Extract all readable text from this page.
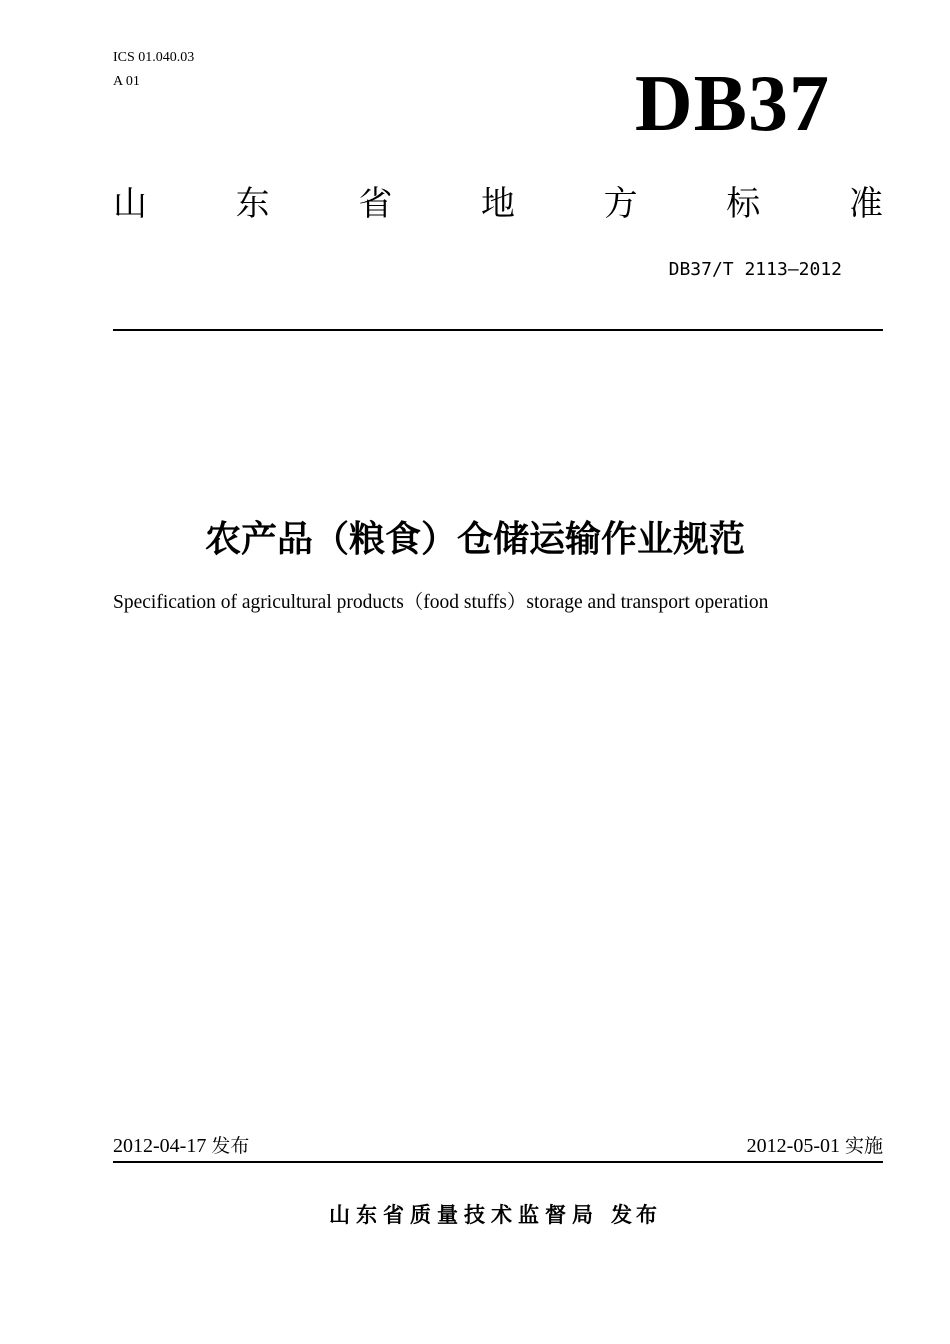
ICS 01.040.03
A 01	DB37
山	东	省	地	方	标	准
DB37/T 2113—2012
农产品（粮食）仓储运输作业规范
Specification of agricultural products（food stuffs）storage and transport operation
2012-04-17 发布	2012-05-01 实施
山东省质量技术监督局 发布
